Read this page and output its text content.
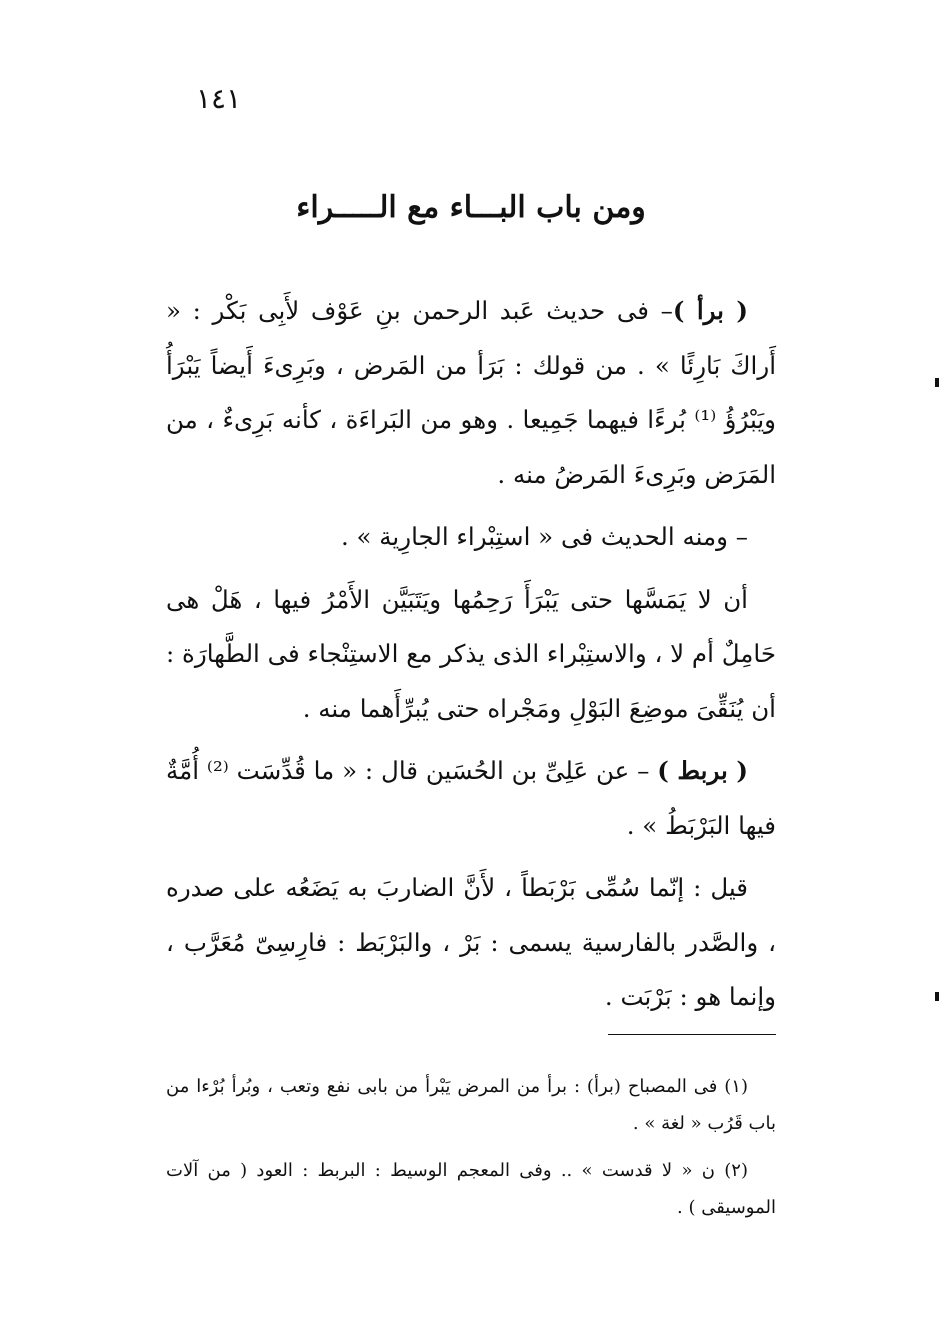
١٤١
ومن باب البـــاء مع الـــــراء

( برأ )– فى حديث عَبد الرحمن بنِ عَوْف لأَبِى بَكْر : « أَراكَ بَارِئًا » . من قولك : بَرَأ من المَرض ، وبَرِىءَ أَيضاً يَبْرَأُ ويَبْرُؤُ ⁽¹⁾ بُرءًا فيهما جَمِيعا . وهو من البَراءَة ، كأنه بَرِىءٌ ، من المَرَض وبَرِىءَ المَرضُ منه .

– ومنه الحديث فى « استِبْراء الجارِية » .

أن لا يَمَسَّها حتى يَبْرَأَ رَحِمُها ويَتَبَيَّن الأَمْرُ فيها ، هَلْ هى حَامِلٌ أم لا ، والاستِبْراء الذى يذكر مع الاستِنْجاء فى الطَّهارَة : أن يُنَقِّىَ موضِعَ البَوْلِ ومَجْراه حتى يُبرِّأَهما منه .

( بربط ) – عن عَلِىِّ بن الحُسَين قال : « ما قُدِّسَت ⁽²⁾ أُمَّةٌ فيها البَرْبَطُ » .

قيل : إنّما سُمِّى بَرْبَطاً ، لأَنَّ الضاربَ به يَضَعُه على صدره ، والصَّدر بالفارسية يسمى : بَرْ ، والبَرْبَط : فارِسِىّ مُعَرَّب ، وإنما هو : بَرْبَت .

(١) فى المصباح (برأ) : برأ من المرض يَبْرأ من بابى نفع وتعب ، وبُرأ بُرْءا من باب قَرُب « لغة » .

(٢) ن « لا قدست » .. وفى المعجم الوسيط : البربط : العود ( من آلات الموسيقى ) .
